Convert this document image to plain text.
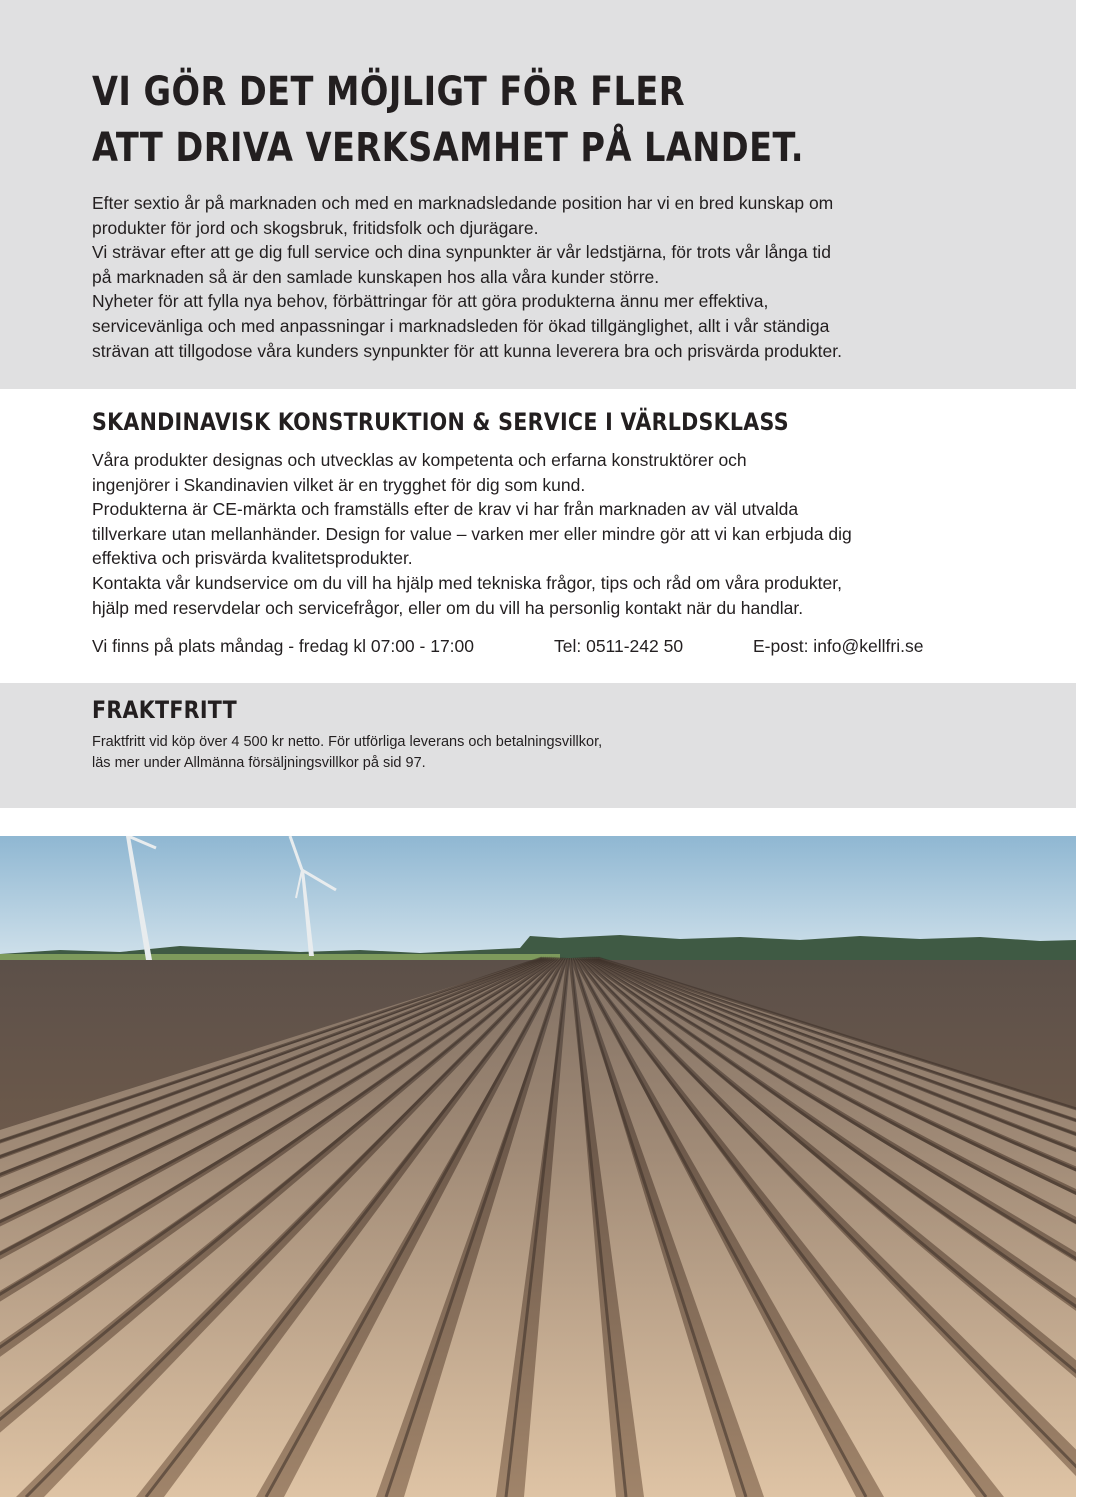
VI GÖR DET MÖJLIGT FÖR FLER
ATT DRIVA VERKSAMHET PÅ LANDET.

Efter sextio år på marknaden och med en marknadsledande position har vi en bred kunskap om

produkter för jord och skogsbruk, fritidsfolk och djurägare.

Vi strävar efter att ge dig full service och dina synpunkter är vår ledstjärna, för trots vår långa tid

på marknaden så är den samlade kunskapen hos alla våra kunder större.

Nyheter för att fylla nya behov, förbättringar för att göra produkterna ännu mer effektiva,

servicevänliga och med anpassningar i marknadsleden för ökad tillgänglighet, allt i vår ständiga

strävan att tillgodose våra kunders synpunkter för att kunna leverera bra och prisvärda produkter.

SKANDINAVISK KONSTRUKTION & SERVICE I VÄRLDSKLASS

Våra produkter designas och utvecklas av kompetenta och erfarna konstruktörer och

ingenjörer i Skandinavien vilket är en trygghet för dig som kund.

Produkterna är CE-märkta och framställs efter de krav vi har från marknaden av väl utvalda

tillverkare utan mellanhänder. Design for value – varken mer eller mindre gör att vi kan erbjuda dig

effektiva och prisvärda kvalitetsprodukter.

Kontakta vår kundservice om du vill ha hjälp med tekniska frågor, tips och råd om våra produkter,

hjälp med reservdelar och servicefrågor, eller om du vill ha personlig kontakt när du handlar.

Vi finns på plats måndag - fredag kl 07:00 - 17:00	Tel: 0511-242 50	E-post: info@kellfri.se
FRAKTFRITT

Fraktfritt vid köp över 4 500 kr netto. För utförliga leverans och betalningsvillkor,

läs mer under Allmänna försäljningsvillkor på sid 97.
